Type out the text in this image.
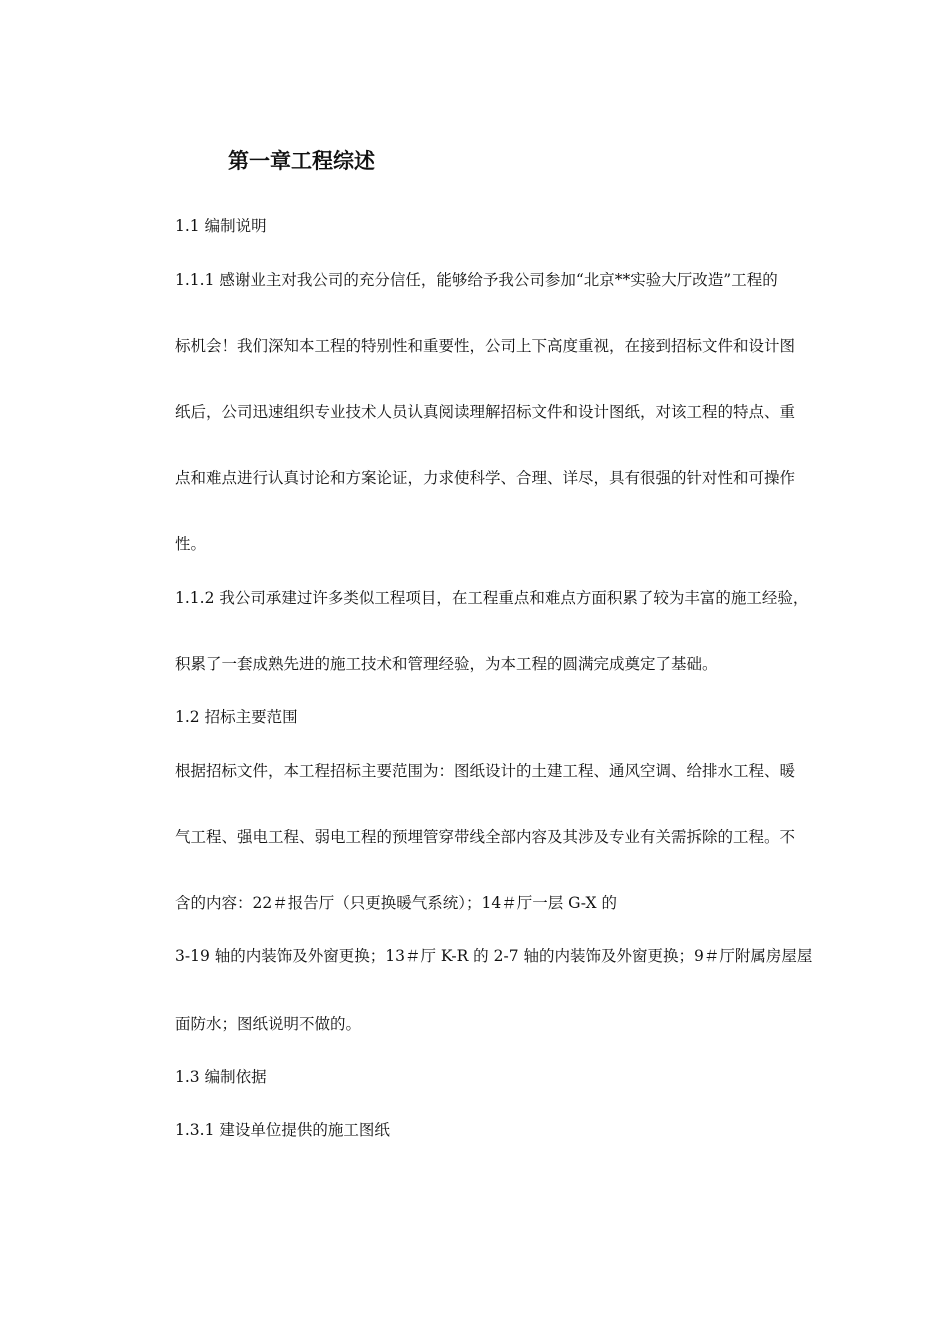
第一章工程综述
1.1 编制说明
1.1.1 感谢业主对我公司的充分信任，能够给予我公司参加“北京**实验大厅改造”工程的
标机会！我们深知本工程的特别性和重要性，公司上下高度重视，在接到招标文件和设计图
纸后，公司迅速组织专业技术人员认真阅读理解招标文件和设计图纸，对该工程的特点、重
点和难点进行认真讨论和方案论证，力求使科学、合理、详尽，具有很强的针对性和可操作
性。
1.1.2 我公司承建过许多类似工程项目，在工程重点和难点方面积累了较为丰富的施工经验，
积累了一套成熟先进的施工技术和管理经验，为本工程的圆满完成奠定了基础。
1.2 招标主要范围
根据招标文件，本工程招标主要范围为：图纸设计的土建工程、通风空调、给排水工程、暖
气工程、强电工程、弱电工程的预埋管穿带线全部内容及其涉及专业有关需拆除的工程。不
含的内容：22＃报告厅（只更换暖气系统）；14＃厅一层 G-X 的
3-19 轴的内装饰及外窗更换；13＃厅 K-R 的 2-7 轴的内装饰及外窗更换；9＃厅附属房屋屋
面防水；图纸说明不做的。
1.3 编制依据
1.3.1 建设单位提供的施工图纸
